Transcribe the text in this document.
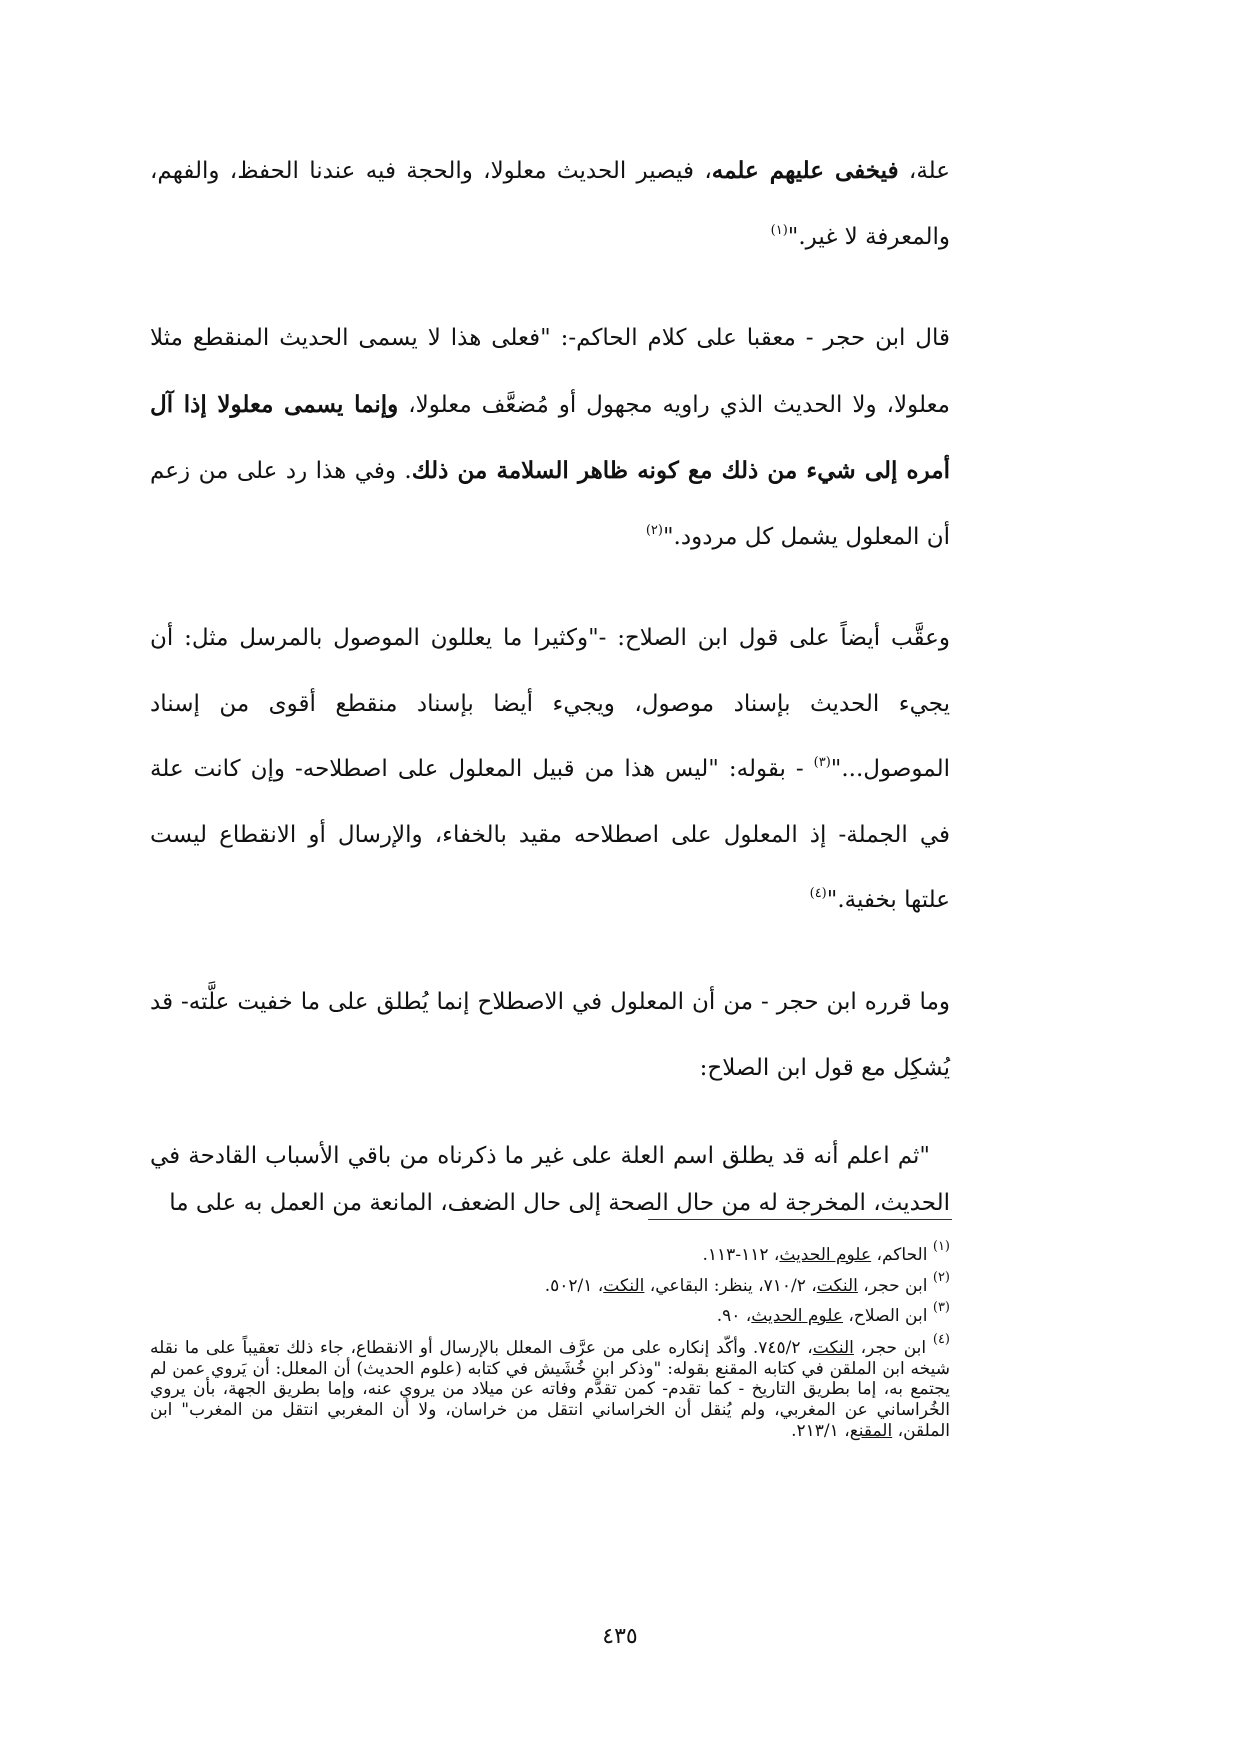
علة، فيخفى عليهم علمه، فيصير الحديث معلولا، والحجة فيه عندنا الحفظ، والفهم، والمعرفة لا غير."$^{(١)}$

قال ابن حجر - معقبا على كلام الحاكم-: "فعلى هذا لا يسمى الحديث المنقطع مثلا معلولا، ولا الحديث الذي راويه مجهول أو مُضعَّف معلولا، وإنما يسمى معلولا إذا آل أمره إلى شيء من ذلك مع كونه ظاهر السلامة من ذلك. وفي هذا رد على من زعم أن المعلول يشمل كل مردود."$^{(٢)}$

وعقَّب أيضاً على قول ابن الصلاح: -"وكثيرا ما يعللون الموصول بالمرسل مثل: أن يجيء الحديث بإسناد موصول، ويجيء أيضا بإسناد منقطع أقوى من إسناد الموصول..."$^{(٣)}$ - بقوله: "ليس هذا من قبيل المعلول على اصطلاحه- وإن كانت علة في الجملة- إذ المعلول على اصطلاحه مقيد بالخفاء، والإرسال أو الانقطاع ليست علتها بخفية."$^{(٤)}$

وما قرره ابن حجر - من أن المعلول في الاصطلاح إنما يُطلق على ما خفيت علَّته- قد يُشكِل مع قول ابن الصلاح:

"ثم اعلم أنه قد يطلق اسم العلة على غير ما ذكرناه من باقي الأسباب القادحة في الحديث، المخرجة له من حال الصحة إلى حال الضعف، المانعة من العمل به على ما

$^{(١)}$ الحاكم، علوم الحديث، ١١٢-١١٣.

$^{(٢)}$ ابن حجر، النكت، ٧١٠/٢، ينظر: البقاعي، النكت، ٥٠٢/١.

$^{(٣)}$ ابن الصلاح، علوم الحديث، ٩٠.

$^{(٤)}$ ابن حجر، النكت، ٧٤٥/٢. وأكّد إنكاره على من عرَّف المعلل بالإرسال أو الانقطاع، جاء ذلك تعقيباً على ما نقله شيخه ابن الملقن في كتابه المقنع بقوله: "وذكر ابن خُشَيش في كتابه (علوم الحديث) أن المعلل: أن يَروي عمن لم يجتمع به، إما بطريق التاريخ - كما تقدم- كمن تقدَّم وفاته عن ميلاد من يروي عنه، وإما بطريق الجهة، بأن يروي الخُراساني عن المغربي، ولم يُنقل أن الخراساني انتقل من خراسان، ولا أن المغربي انتقل من المغرب" ابن الملقن، المقنع، ٢١٣/١.

٤٣٥
